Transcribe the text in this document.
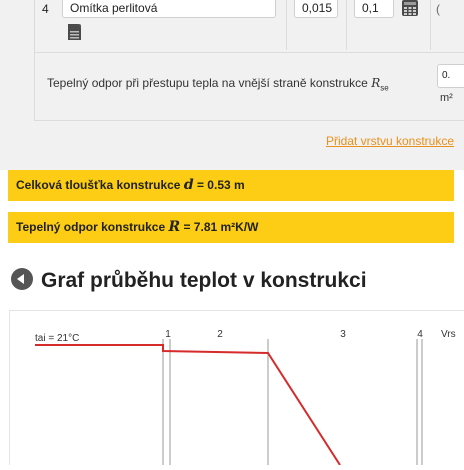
4	Omítka perlitová	0,015	0,1	(
Tepelný odpor při přestupu tepla na vnější straně konstrukce $R_{se}$
0.
m²
Přidat vrstvu konstrukce
Celková tloušťka konstrukce d = 0.53 m
Tepelný odpor konstrukce R = 7.81 m²K/W
Graf průběhu teplot v konstrukci
1	2	3	4 Vrs
tai = 21°C
